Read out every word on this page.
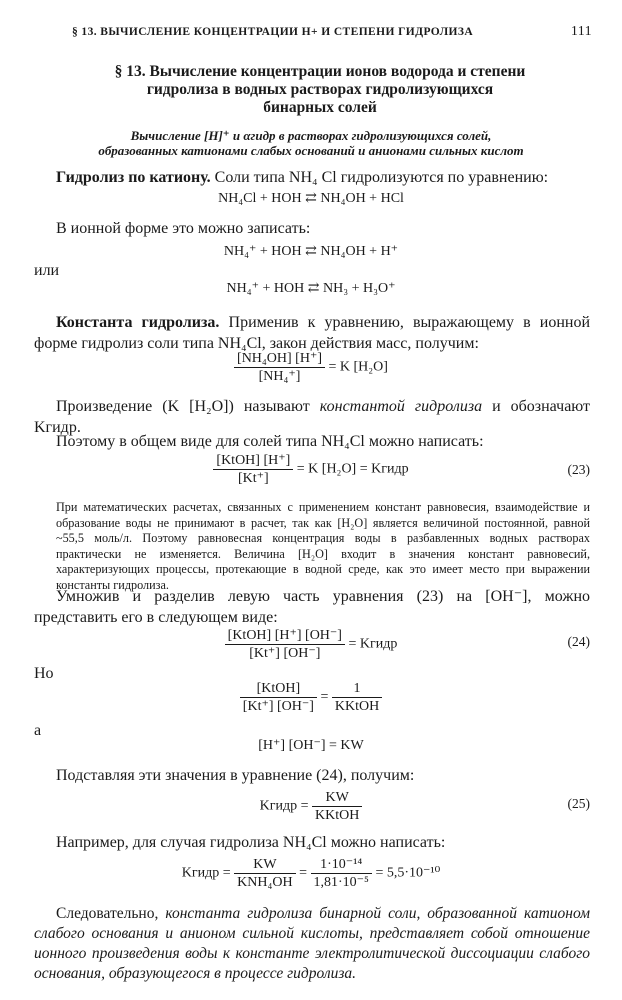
§ 13. ВЫЧИСЛЕНИЕ КОНЦЕНТРАЦИИ Н+ И СТЕПЕНИ ГИДРОЛИЗА	111
§ 13. Вычисление концентрации ионов водорода и степени
гидролиза в водных растворах гидролизующихся
бинарных солей
Вычисление [Н]⁺ и αгидр в растворах гидролизующихся солей,
образованных катионами слабых оснований и анионами сильных кислот
Гидролиз по катиону. Соли типа NH₄ Cl гидролизуются по уравнению:
NH₄Cl + HOH ⇄ NH₄OH + HCl
В ионной форме это можно записать:
NH₄⁺ + HOH ⇄ NH₄OH + H⁺
или
NH₄⁺ + HOH ⇄ NH₃ + H₃O⁺
Константа гидролиза. Применив к уравнению, выражающему в ионной форме гидролиз соли типа NH₄Cl, закон действия масс, получим:
$\frac{\text{[NH₄OH] [H⁺]}}{\text{[NH₄⁺]}} = K$ [H₂O]
Произведение (K [H₂O]) называют константой гидролиза и обозначают Kгидр.
Поэтому в общем виде для солей типа NH₄Cl можно написать:
$\frac{\text{[KtOH] [H⁺]}}{[Kt^+]} = K$ [H₂O] = Kгидр	(23)
При математических расчетах, связанных с применением констант равновесия, взаимодействие и образование воды не принимают в расчет, так как [H₂O] является величиной постоянной, равной ~55,5 моль/л. Поэтому равновесная концентрация воды в разбавленных водных растворах практически не изменяется. Величина [H₂O] входит в значения констант равновесий, характеризующих процессы, протекающие в водной среде, как это имеет место при выражении константы гидролиза.
Умножив и разделив левую часть уравнения (23) на [OH⁻], можно представить его в следующем виде:
$\frac{\text{[KtOH] [H⁺] [OH⁻]}}{[Kt^+] [OH^-]}$ = Kгидр	(24)
Но
$\frac{\text{[KtOH]}}{[Kt^+] [OH^-]} = \frac{1}{\text{KKtOH}}$
а
[H⁺] [OH⁻] = KW
Подставляя эти значения в уравнение (24), получим:
Kгидр = $\frac{KW}{\text{KKtOH}}$	(25)
Например, для случая гидролиза NH₄Cl можно написать:
Kгидр = $\frac{KW}{\text{KNH₄OH}} = \frac{\text{1·10⁻¹⁴}}{\text{1,81·10⁻⁵}} = 5,5\cdot 10^{-10}$
Следовательно, константа гидролиза бинарной соли, образованной катионом слабого основания и анионом сильной кислоты, представляет собой отношение ионного произведения воды к константе электролитической диссоциации слабого основания, образующегося в процессе гидролиза.
